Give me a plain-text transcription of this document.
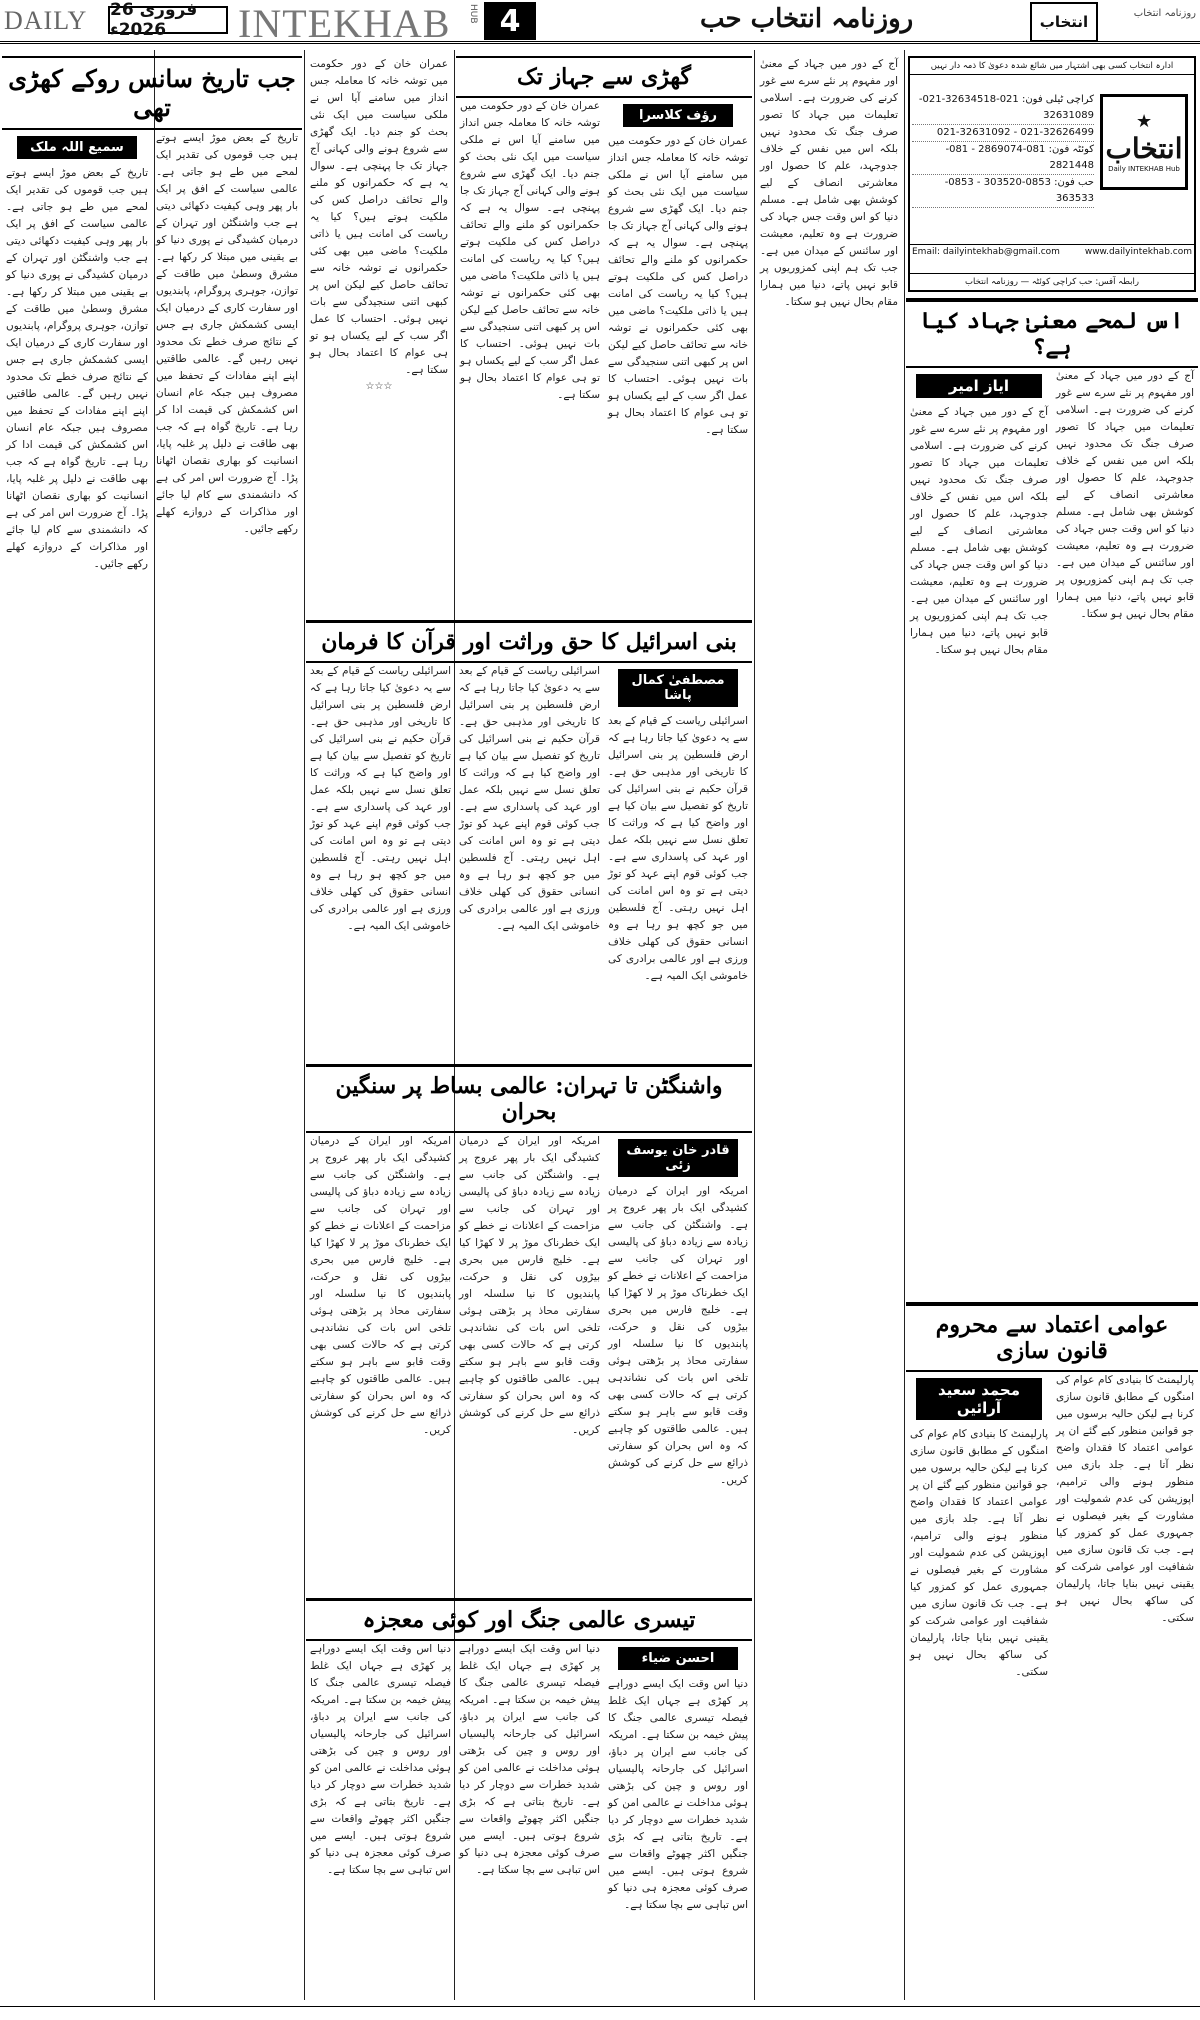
DAILY 26 فروری 2026ء	INTEKHAB HUB 4	روزنامہ انتخاب حب	انتخاب	روزنامہ انتخاب
جب تاریخ سانس روکے کھڑی تھی

تاریخ کے بعض موڑ ایسے ہوتے ہیں جب قوموں کی تقدیر ایک لمحے میں طے ہو جاتی ہے۔ عالمی سیاست کے افق پر ایک بار پھر وہی کیفیت دکھائی دیتی ہے جب واشنگٹن اور تہران کے درمیان کشیدگی نے پوری دنیا کو بے یقینی میں مبتلا کر رکھا ہے۔ مشرق وسطیٰ میں طاقت کے توازن، جوہری پروگرام، پابندیوں اور سفارت کاری کے درمیان ایک ایسی کشمکش جاری ہے جس کے نتائج صرف خطے تک محدود نہیں رہیں گے۔ عالمی طاقتیں اپنے اپنے مفادات کے تحفظ میں مصروف ہیں جبکہ عام انسان اس کشمکش کی قیمت ادا کر رہا ہے۔ تاریخ گواہ ہے کہ جب بھی طاقت نے دلیل پر غلبہ پایا، انسانیت کو بھاری نقصان اٹھانا پڑا۔ آج ضرورت اس امر کی ہے کہ دانشمندی سے کام لیا جائے اور مذاکرات کے دروازے کھلے رکھے جائیں۔

سمیع اللہ ملک

تاریخ کے بعض موڑ ایسے ہوتے ہیں جب قوموں کی تقدیر ایک لمحے میں طے ہو جاتی ہے۔ عالمی سیاست کے افق پر ایک بار پھر وہی کیفیت دکھائی دیتی ہے جب واشنگٹن اور تہران کے درمیان کشیدگی نے پوری دنیا کو بے یقینی میں مبتلا کر رکھا ہے۔ مشرق وسطیٰ میں طاقت کے توازن، جوہری پروگرام، پابندیوں اور سفارت کاری کے درمیان ایک ایسی کشمکش جاری ہے جس کے نتائج صرف خطے تک محدود نہیں رہیں گے۔ عالمی طاقتیں اپنے اپنے مفادات کے تحفظ میں مصروف ہیں جبکہ عام انسان اس کشمکش کی قیمت ادا کر رہا ہے۔ تاریخ گواہ ہے کہ جب بھی طاقت نے دلیل پر غلبہ پایا، انسانیت کو بھاری نقصان اٹھانا پڑا۔ آج ضرورت اس امر کی ہے کہ دانشمندی سے کام لیا جائے اور مذاکرات کے دروازے کھلے رکھے جائیں۔

عمران خان کے دور حکومت میں توشہ خانہ کا معاملہ جس انداز میں سامنے آیا اس نے ملکی سیاست میں ایک نئی بحث کو جنم دیا۔ ایک گھڑی سے شروع ہونے والی کہانی آج جہاز تک جا پہنچی ہے۔ سوال یہ ہے کہ حکمرانوں کو ملنے والے تحائف دراصل کس کی ملکیت ہوتے ہیں؟ کیا یہ ریاست کی امانت ہیں یا ذاتی ملکیت؟ ماضی میں بھی کئی حکمرانوں نے توشہ خانہ سے تحائف حاصل کیے لیکن اس پر کبھی اتنی سنجیدگی سے بات نہیں ہوئی۔ احتساب کا عمل اگر سب کے لیے یکساں ہو تو ہی عوام کا اعتماد بحال ہو سکتا ہے۔

☆☆☆
گھڑی سے جہاز تک
رؤف کلاسرا

عمران خان کے دور حکومت میں توشہ خانہ کا معاملہ جس انداز میں سامنے آیا اس نے ملکی سیاست میں ایک نئی بحث کو جنم دیا۔ ایک گھڑی سے شروع ہونے والی کہانی آج جہاز تک جا پہنچی ہے۔ سوال یہ ہے کہ حکمرانوں کو ملنے والے تحائف دراصل کس کی ملکیت ہوتے ہیں؟ کیا یہ ریاست کی امانت ہیں یا ذاتی ملکیت؟ ماضی میں بھی کئی حکمرانوں نے توشہ خانہ سے تحائف حاصل کیے لیکن اس پر کبھی اتنی سنجیدگی سے بات نہیں ہوئی۔ احتساب کا عمل اگر سب کے لیے یکساں ہو تو ہی عوام کا اعتماد بحال ہو سکتا ہے۔

عمران خان کے دور حکومت میں توشہ خانہ کا معاملہ جس انداز میں سامنے آیا اس نے ملکی سیاست میں ایک نئی بحث کو جنم دیا۔ ایک گھڑی سے شروع ہونے والی کہانی آج جہاز تک جا پہنچی ہے۔ سوال یہ ہے کہ حکمرانوں کو ملنے والے تحائف دراصل کس کی ملکیت ہوتے ہیں؟ کیا یہ ریاست کی امانت ہیں یا ذاتی ملکیت؟ ماضی میں بھی کئی حکمرانوں نے توشہ خانہ سے تحائف حاصل کیے لیکن اس پر کبھی اتنی سنجیدگی سے بات نہیں ہوئی۔ احتساب کا عمل اگر سب کے لیے یکساں ہو تو ہی عوام کا اعتماد بحال ہو سکتا ہے۔

بنی اسرائیل کا حق وراثت اور قرآن کا فرمان
مصطفیٰ کمال پاشا

اسرائیلی ریاست کے قیام کے بعد سے یہ دعویٰ کیا جاتا رہا ہے کہ ارض فلسطین پر بنی اسرائیل کا تاریخی اور مذہبی حق ہے۔ قرآن حکیم نے بنی اسرائیل کی تاریخ کو تفصیل سے بیان کیا ہے اور واضح کیا ہے کہ وراثت کا تعلق نسل سے نہیں بلکہ عمل اور عہد کی پاسداری سے ہے۔ جب کوئی قوم اپنے عہد کو توڑ دیتی ہے تو وہ اس امانت کی اہل نہیں رہتی۔ آج فلسطین میں جو کچھ ہو رہا ہے وہ انسانی حقوق کی کھلی خلاف ورزی ہے اور عالمی برادری کی خاموشی ایک المیہ ہے۔

اسرائیلی ریاست کے قیام کے بعد سے یہ دعویٰ کیا جاتا رہا ہے کہ ارض فلسطین پر بنی اسرائیل کا تاریخی اور مذہبی حق ہے۔ قرآن حکیم نے بنی اسرائیل کی تاریخ کو تفصیل سے بیان کیا ہے اور واضح کیا ہے کہ وراثت کا تعلق نسل سے نہیں بلکہ عمل اور عہد کی پاسداری سے ہے۔ جب کوئی قوم اپنے عہد کو توڑ دیتی ہے تو وہ اس امانت کی اہل نہیں رہتی۔ آج فلسطین میں جو کچھ ہو رہا ہے وہ انسانی حقوق کی کھلی خلاف ورزی ہے اور عالمی برادری کی خاموشی ایک المیہ ہے۔

اسرائیلی ریاست کے قیام کے بعد سے یہ دعویٰ کیا جاتا رہا ہے کہ ارض فلسطین پر بنی اسرائیل کا تاریخی اور مذہبی حق ہے۔ قرآن حکیم نے بنی اسرائیل کی تاریخ کو تفصیل سے بیان کیا ہے اور واضح کیا ہے کہ وراثت کا تعلق نسل سے نہیں بلکہ عمل اور عہد کی پاسداری سے ہے۔ جب کوئی قوم اپنے عہد کو توڑ دیتی ہے تو وہ اس امانت کی اہل نہیں رہتی۔ آج فلسطین میں جو کچھ ہو رہا ہے وہ انسانی حقوق کی کھلی خلاف ورزی ہے اور عالمی برادری کی خاموشی ایک المیہ ہے۔

واشنگٹن تا تہران: عالمی بساط پر سنگین بحران
قادر خان یوسف زئی

امریکہ اور ایران کے درمیان کشیدگی ایک بار پھر عروج پر ہے۔ واشنگٹن کی جانب سے زیادہ سے زیادہ دباؤ کی پالیسی اور تہران کی جانب سے مزاحمت کے اعلانات نے خطے کو ایک خطرناک موڑ پر لا کھڑا کیا ہے۔ خلیج فارس میں بحری بیڑوں کی نقل و حرکت، پابندیوں کا نیا سلسلہ اور سفارتی محاذ پر بڑھتی ہوئی تلخی اس بات کی نشاندہی کرتی ہے کہ حالات کسی بھی وقت قابو سے باہر ہو سکتے ہیں۔ عالمی طاقتوں کو چاہیے کہ وہ اس بحران کو سفارتی ذرائع سے حل کرنے کی کوشش کریں۔

امریکہ اور ایران کے درمیان کشیدگی ایک بار پھر عروج پر ہے۔ واشنگٹن کی جانب سے زیادہ سے زیادہ دباؤ کی پالیسی اور تہران کی جانب سے مزاحمت کے اعلانات نے خطے کو ایک خطرناک موڑ پر لا کھڑا کیا ہے۔ خلیج فارس میں بحری بیڑوں کی نقل و حرکت، پابندیوں کا نیا سلسلہ اور سفارتی محاذ پر بڑھتی ہوئی تلخی اس بات کی نشاندہی کرتی ہے کہ حالات کسی بھی وقت قابو سے باہر ہو سکتے ہیں۔ عالمی طاقتوں کو چاہیے کہ وہ اس بحران کو سفارتی ذرائع سے حل کرنے کی کوشش کریں۔

امریکہ اور ایران کے درمیان کشیدگی ایک بار پھر عروج پر ہے۔ واشنگٹن کی جانب سے زیادہ سے زیادہ دباؤ کی پالیسی اور تہران کی جانب سے مزاحمت کے اعلانات نے خطے کو ایک خطرناک موڑ پر لا کھڑا کیا ہے۔ خلیج فارس میں بحری بیڑوں کی نقل و حرکت، پابندیوں کا نیا سلسلہ اور سفارتی محاذ پر بڑھتی ہوئی تلخی اس بات کی نشاندہی کرتی ہے کہ حالات کسی بھی وقت قابو سے باہر ہو سکتے ہیں۔ عالمی طاقتوں کو چاہیے کہ وہ اس بحران کو سفارتی ذرائع سے حل کرنے کی کوشش کریں۔

تیسری عالمی جنگ اور کوئی معجزہ
احسن ضیاء

دنیا اس وقت ایک ایسے دوراہے پر کھڑی ہے جہاں ایک غلط فیصلہ تیسری عالمی جنگ کا پیش خیمہ بن سکتا ہے۔ امریکہ کی جانب سے ایران پر دباؤ، اسرائیل کی جارحانہ پالیسیاں اور روس و چین کی بڑھتی ہوئی مداخلت نے عالمی امن کو شدید خطرات سے دوچار کر دیا ہے۔ تاریخ بتاتی ہے کہ بڑی جنگیں اکثر چھوٹے واقعات سے شروع ہوتی ہیں۔ ایسے میں صرف کوئی معجزہ ہی دنیا کو اس تباہی سے بچا سکتا ہے۔

دنیا اس وقت ایک ایسے دوراہے پر کھڑی ہے جہاں ایک غلط فیصلہ تیسری عالمی جنگ کا پیش خیمہ بن سکتا ہے۔ امریکہ کی جانب سے ایران پر دباؤ، اسرائیل کی جارحانہ پالیسیاں اور روس و چین کی بڑھتی ہوئی مداخلت نے عالمی امن کو شدید خطرات سے دوچار کر دیا ہے۔ تاریخ بتاتی ہے کہ بڑی جنگیں اکثر چھوٹے واقعات سے شروع ہوتی ہیں۔ ایسے میں صرف کوئی معجزہ ہی دنیا کو اس تباہی سے بچا سکتا ہے۔

دنیا اس وقت ایک ایسے دوراہے پر کھڑی ہے جہاں ایک غلط فیصلہ تیسری عالمی جنگ کا پیش خیمہ بن سکتا ہے۔ امریکہ کی جانب سے ایران پر دباؤ، اسرائیل کی جارحانہ پالیسیاں اور روس و چین کی بڑھتی ہوئی مداخلت نے عالمی امن کو شدید خطرات سے دوچار کر دیا ہے۔ تاریخ بتاتی ہے کہ بڑی جنگیں اکثر چھوٹے واقعات سے شروع ہوتی ہیں۔ ایسے میں صرف کوئی معجزہ ہی دنیا کو اس تباہی سے بچا سکتا ہے۔

آج کے دور میں جہاد کے معنیٰ اور مفہوم پر نئے سرے سے غور کرنے کی ضرورت ہے۔ اسلامی تعلیمات میں جہاد کا تصور صرف جنگ تک محدود نہیں بلکہ اس میں نفس کے خلاف جدوجہد، علم کا حصول اور معاشرتی انصاف کے لیے کوشش بھی شامل ہے۔ مسلم دنیا کو اس وقت جس جہاد کی ضرورت ہے وہ تعلیم، معیشت اور سائنس کے میدان میں ہے۔ جب تک ہم اپنی کمزوریوں پر قابو نہیں پاتے، دنیا میں ہمارا مقام بحال نہیں ہو سکتا۔

ادارہ انتخاب کسی بھی اشتہار میں شائع شدہ دعویٰ کا ذمہ دار نہیں
★
انتخاب
Daily INTEKHAB Hub
کراچی ٹیلی فون: 021-32634518-021-32631089
021-32626499 - 021-32631092
کوئٹہ فون: 081-2869074 - 081-2821448
حب فون: 0853-303520 - 0853-363533
Email: dailyintekhab@gmail.com	www.dailyintekhab.com
رابطہ آفس: حب کراچی کوئٹہ — روزنامہ انتخاب
اس لمحے معنیٰ جہاد کیا ہے؟

آج کے دور میں جہاد کے معنیٰ اور مفہوم پر نئے سرے سے غور کرنے کی ضرورت ہے۔ اسلامی تعلیمات میں جہاد کا تصور صرف جنگ تک محدود نہیں بلکہ اس میں نفس کے خلاف جدوجہد، علم کا حصول اور معاشرتی انصاف کے لیے کوشش بھی شامل ہے۔ مسلم دنیا کو اس وقت جس جہاد کی ضرورت ہے وہ تعلیم، معیشت اور سائنس کے میدان میں ہے۔ جب تک ہم اپنی کمزوریوں پر قابو نہیں پاتے، دنیا میں ہمارا مقام بحال نہیں ہو سکتا۔

ایاز امیر

آج کے دور میں جہاد کے معنیٰ اور مفہوم پر نئے سرے سے غور کرنے کی ضرورت ہے۔ اسلامی تعلیمات میں جہاد کا تصور صرف جنگ تک محدود نہیں بلکہ اس میں نفس کے خلاف جدوجہد، علم کا حصول اور معاشرتی انصاف کے لیے کوشش بھی شامل ہے۔ مسلم دنیا کو اس وقت جس جہاد کی ضرورت ہے وہ تعلیم، معیشت اور سائنس کے میدان میں ہے۔ جب تک ہم اپنی کمزوریوں پر قابو نہیں پاتے، دنیا میں ہمارا مقام بحال نہیں ہو سکتا۔

عوامی اعتماد سے محروم قانون سازی

پارلیمنٹ کا بنیادی کام عوام کی امنگوں کے مطابق قانون سازی کرنا ہے لیکن حالیہ برسوں میں جو قوانین منظور کیے گئے ان پر عوامی اعتماد کا فقدان واضح نظر آتا ہے۔ جلد بازی میں منظور ہونے والی ترامیم، اپوزیشن کی عدم شمولیت اور مشاورت کے بغیر فیصلوں نے جمہوری عمل کو کمزور کیا ہے۔ جب تک قانون سازی میں شفافیت اور عوامی شرکت کو یقینی نہیں بنایا جاتا، پارلیمان کی ساکھ بحال نہیں ہو سکتی۔

محمد سعید آرائیں

پارلیمنٹ کا بنیادی کام عوام کی امنگوں کے مطابق قانون سازی کرنا ہے لیکن حالیہ برسوں میں جو قوانین منظور کیے گئے ان پر عوامی اعتماد کا فقدان واضح نظر آتا ہے۔ جلد بازی میں منظور ہونے والی ترامیم، اپوزیشن کی عدم شمولیت اور مشاورت کے بغیر فیصلوں نے جمہوری عمل کو کمزور کیا ہے۔ جب تک قانون سازی میں شفافیت اور عوامی شرکت کو یقینی نہیں بنایا جاتا، پارلیمان کی ساکھ بحال نہیں ہو سکتی۔
